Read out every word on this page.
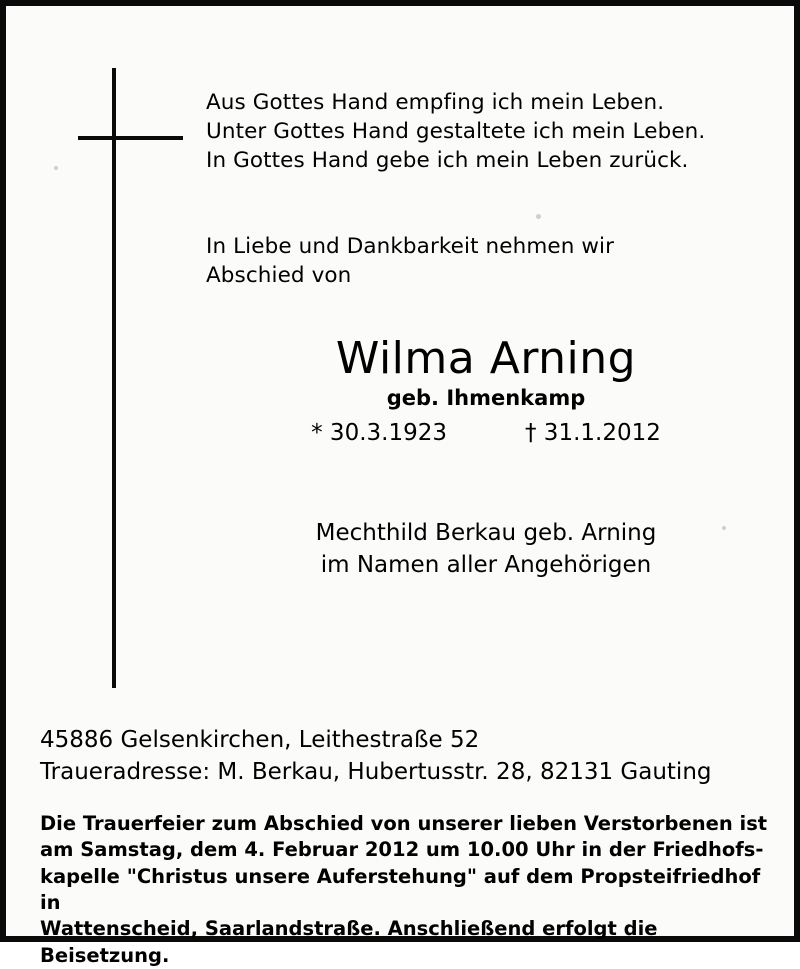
Aus Gottes Hand empfing ich mein Leben.
Unter Gottes Hand gestaltete ich mein Leben.
In Gottes Hand gebe ich mein Leben zurück.
In Liebe und Dankbarkeit nehmen wir
Abschied von
Wilma Arning
geb. Ihmenkamp
* 30.3.1923	† 31.1.2012
Mechthild Berkau geb. Arning
im Namen aller Angehörigen
45886 Gelsenkirchen, Leithestraße 52
Traueradresse: M. Berkau, Hubertusstr. 28, 82131 Gauting
Die Trauerfeier zum Abschied von unserer lieben Verstorbenen ist
am Samstag, dem 4. Februar 2012 um 10.00 Uhr in der Friedhofs-
kapelle "Christus unsere Auferstehung" auf dem Propsteifriedhof in
Wattenscheid, Saarlandstraße. Anschließend erfolgt die Beisetzung.
